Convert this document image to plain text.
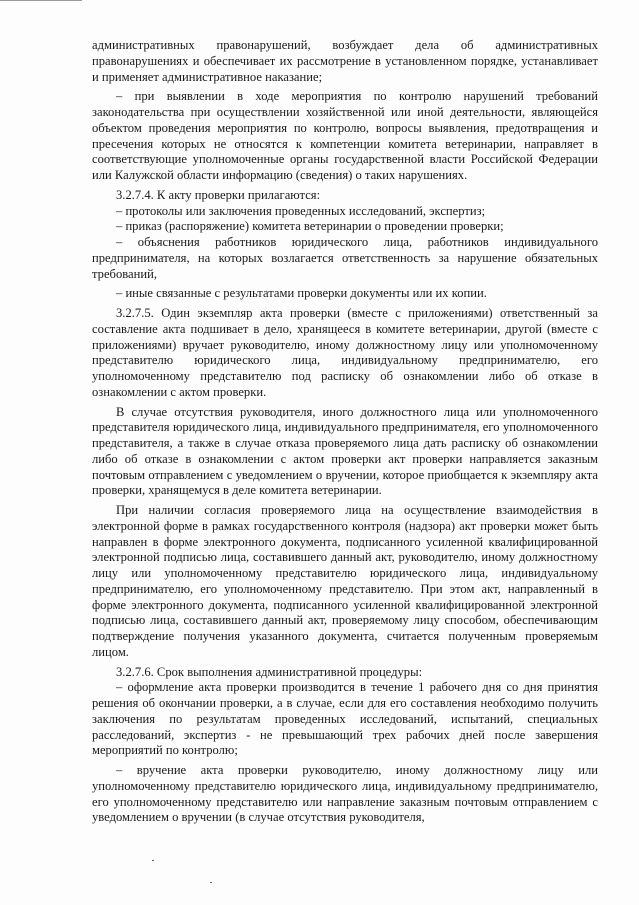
административных правонарушений, возбуждает дела об административных правонарушениях и обеспечивает их рассмотрение в установленном порядке, устанавливает и применяет административное наказание;

– при выявлении в ходе мероприятия по контролю нарушений требований законодательства при осуществлении хозяйственной или иной деятельности, являющейся объектом проведения мероприятия по контролю, вопросы выявления, предотвращения и пресечения которых не относятся к компетенции комитета ветеринарии, направляет в соответствующие уполномоченные органы государственной власти Российской Федерации или Калужской области информацию (сведения) о таких нарушениях.

3.2.7.4. К акту проверки прилагаются:

– протоколы или заключения проведенных исследований, экспертиз;

– приказ (распоряжение) комитета ветеринарии о проведении проверки;

– объяснения работников юридического лица, работников индивидуального предпринимателя, на которых возлагается ответственность за нарушение обязательных требований,

– иные связанные с результатами проверки документы или их копии.

3.2.7.5. Один экземпляр акта проверки (вместе с приложениями) ответственный за составление акта подшивает в дело, хранящееся в комитете ветеринарии, другой (вместе с приложениями) вручает руководителю, иному должностному лицу или уполномоченному представителю юридического лица, индивидуальному предпринимателю, его уполномоченному представителю под расписку об ознакомлении либо об отказе в ознакомлении с актом проверки.

В случае отсутствия руководителя, иного должностного лица или уполномоченного представителя юридического лица, индивидуального предпринимателя, его уполномоченного представителя, а также в случае отказа проверяемого лица дать расписку об ознакомлении либо об отказе в ознакомлении с актом проверки акт проверки направляется заказным почтовым отправлением с уведомлением о вручении, которое приобщается к экземпляру акта проверки, хранящемуся в деле комитета ветеринарии.

При наличии согласия проверяемого лица на осуществление взаимодействия в электронной форме в рамках государственного контроля (надзора) акт проверки может быть направлен в форме электронного документа, подписанного усиленной квалифицированной электронной подписью лица, составившего данный акт, руководителю, иному должностному лицу или уполномоченному представителю юридического лица, индивидуальному предпринимателю, его уполномоченному представителю. При этом акт, направленный в форме электронного документа, подписанного усиленной квалифицированной электронной подписью лица, составившего данный акт, проверяемому лицу способом, обеспечивающим подтверждение получения указанного документа, считается полученным проверяемым лицом.

3.2.7.6. Срок выполнения административной процедуры:

– оформление акта проверки производится в течение 1 рабочего дня со дня принятия решения об окончании проверки, а в случае, если для его составления необходимо получить заключения по результатам проведенных исследований, испытаний, специальных расследований, экспертиз - не превышающий трех рабочих дней после завершения мероприятий по контролю;

– вручение акта проверки руководителю, иному должностному лицу или уполномоченному представителю юридического лица, индивидуальному предпринимателю, его уполномоченному представителю или направление заказным почтовым отправлением с уведомлением о вручении (в случае отсутствия руководителя,
